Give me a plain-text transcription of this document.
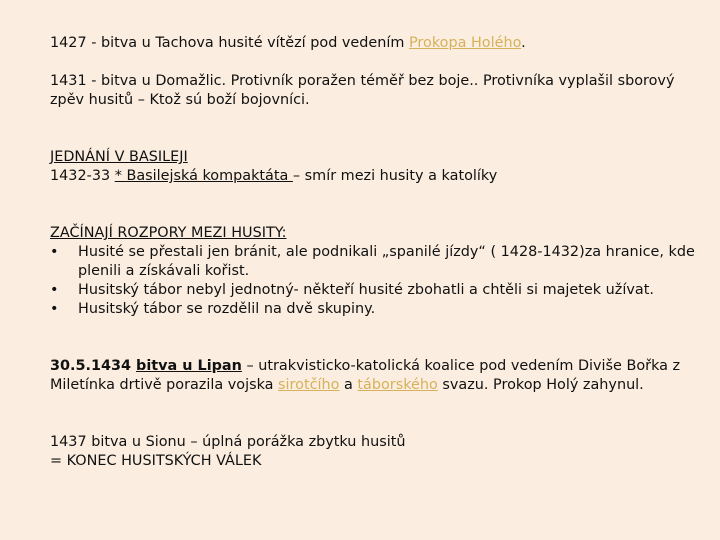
1427 - bitva u Tachova husité vítězí pod vedením Prokopa Holého.

1431 - bitva u Domažlic. Protivník poražen téměř bez boje.. Protivníka vyplašil sborový zpěv husitů – Ktož sú boží bojovníci.

JEDNÁNÍ V BASILEJI
1432-33 * Basilejská kompaktáta – smír mezi husity a katolíky

ZAČÍNAJÍ ROZPORY MEZI HUSITY:

• Husité se přestali jen bránit, ale podnikali „spanilé jízdy“ ( 1428-1432)za hranice, kde plenili a získávali kořist.
• Husitský tábor nebyl jednotný- někteří husité zbohatli a chtěli si majetek užívat.
• Husitský tábor se rozdělil na dvě skupiny.

30.5.1434 bitva u Lipan – utrakvisticko-katolická koalice pod vedením Diviše Bořka z Miletínka drtivě porazila vojska sirotčího a táborského svazu. Prokop Holý zahynul.

1437 bitva u Sionu – úplná porážka zbytku husitů
= KONEC HUSITSKÝCH VÁLEK
